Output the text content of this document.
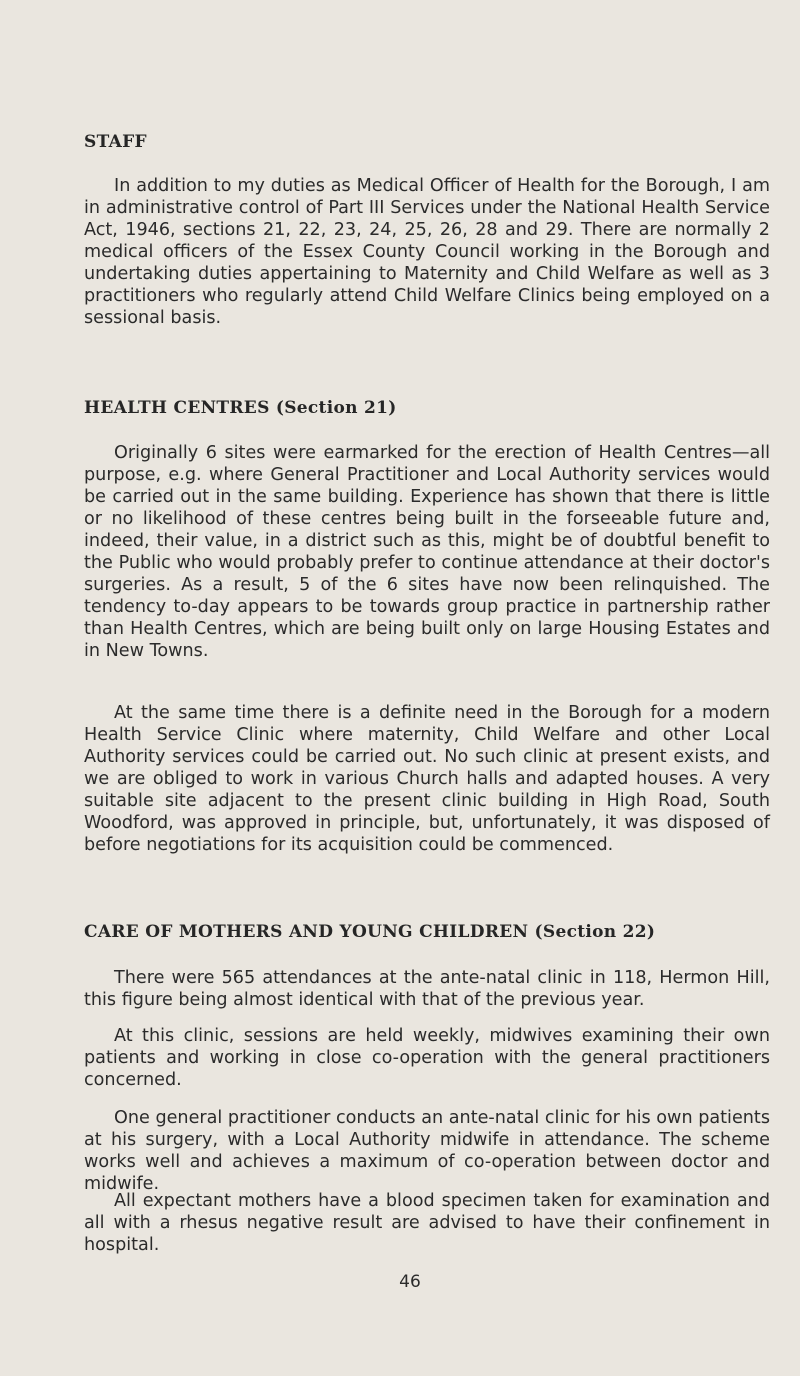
STAFF

In addition to my duties as Medical Officer of Health for the Borough, I am in administrative control of Part III Services under the National Health Service Act, 1946, sections 21, 22, 23, 24, 25, 26, 28 and 29. There are normally 2 medical officers of the Essex County Council working in the Borough and undertaking duties appertaining to Maternity and Child Welfare as well as 3 practitioners who regularly attend Child Welfare Clinics being employed on a sessional basis.

HEALTH CENTRES (Section 21)

Originally 6 sites were earmarked for the erection of Health Centres—all purpose, e.g. where General Practitioner and Local Authority services would be carried out in the same building. Experience has shown that there is little or no likelihood of these centres being built in the forseeable future and, indeed, their value, in a district such as this, might be of doubtful benefit to the Public who would probably prefer to continue attendance at their doctor's surgeries. As a result, 5 of the 6 sites have now been relinquished. The tendency to-day appears to be towards group practice in partnership rather than Health Centres, which are being built only on large Housing Estates and in New Towns.

At the same time there is a definite need in the Borough for a modern Health Service Clinic where maternity, Child Welfare and other Local Authority services could be carried out. No such clinic at present exists, and we are obliged to work in various Church halls and adapted houses. A very suitable site adjacent to the present clinic building in High Road, South Woodford, was approved in principle, but, unfortunately, it was disposed of before negotiations for its acquisition could be commenced.

CARE OF MOTHERS AND YOUNG CHILDREN (Section 22)

There were 565 attendances at the ante-natal clinic in 118, Hermon Hill, this figure being almost identical with that of the previous year.

At this clinic, sessions are held weekly, midwives examining their own patients and working in close co-operation with the general practitioners concerned.

One general practitioner conducts an ante-natal clinic for his own patients at his surgery, with a Local Authority midwife in attendance. The scheme works well and achieves a maximum of co-operation between doctor and midwife.

All expectant mothers have a blood specimen taken for examination and all with a rhesus negative result are advised to have their confinement in hospital.

46
